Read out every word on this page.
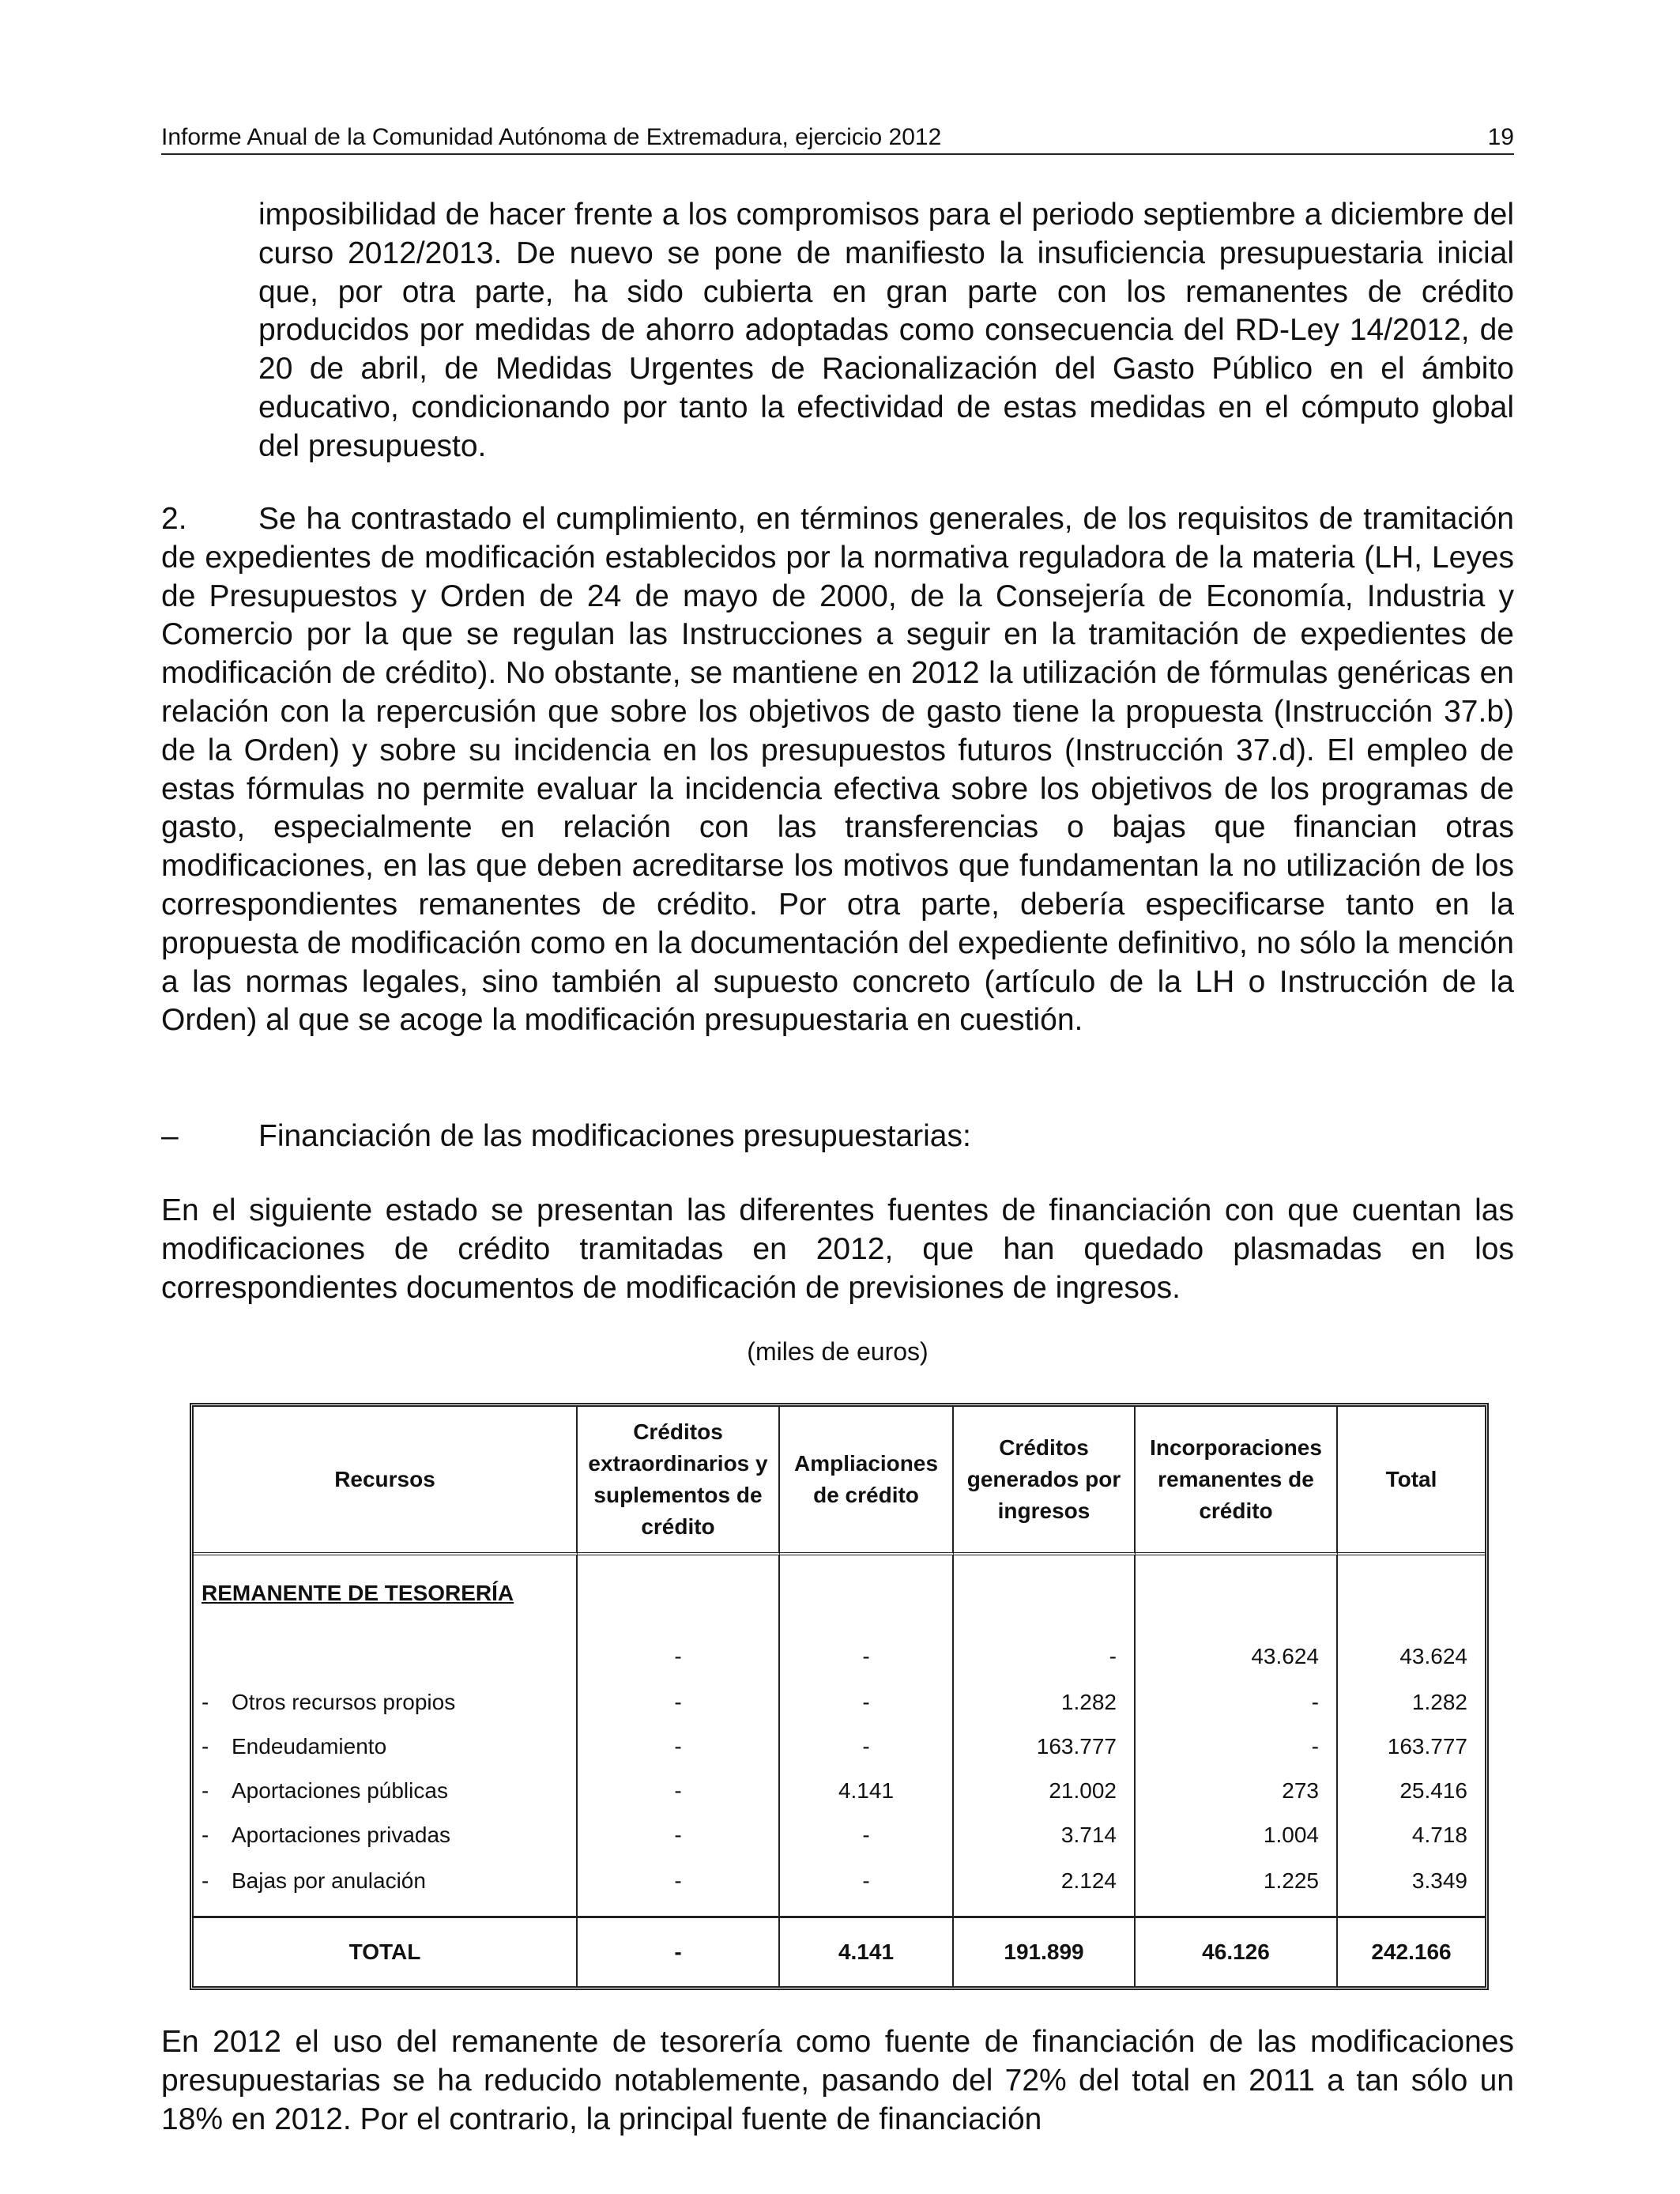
Informe Anual de la Comunidad Autónoma de Extremadura, ejercicio 2012	19

imposibilidad de hacer frente a los compromisos para el periodo septiembre a diciembre del curso 2012/2013. De nuevo se pone de manifiesto la insuficiencia presupuestaria inicial que, por otra parte, ha sido cubierta en gran parte con los remanentes de crédito producidos por medidas de ahorro adoptadas como consecuencia del RD-Ley 14/2012, de 20 de abril, de Medidas Urgentes de Racionalización del Gasto Público en el ámbito educativo, condicionando por tanto la efectividad de estas medidas en el cómputo global del presupuesto.

2. Se ha contrastado el cumplimiento, en términos generales, de los requisitos de tramitación de expedientes de modificación establecidos por la normativa reguladora de la materia (LH, Leyes de Presupuestos y Orden de 24 de mayo de 2000, de la Consejería de Economía, Industria y Comercio por la que se regulan las Instrucciones a seguir en la tramitación de expedientes de modificación de crédito). No obstante, se mantiene en 2012 la utilización de fórmulas genéricas en relación con la repercusión que sobre los objetivos de gasto tiene la propuesta (Instrucción 37.b) de la Orden) y sobre su incidencia en los presupuestos futuros (Instrucción 37.d). El empleo de estas fórmulas no permite evaluar la incidencia efectiva sobre los objetivos de los programas de gasto, especialmente en relación con las transferencias o bajas que financian otras modificaciones, en las que deben acreditarse los motivos que fundamentan la no utilización de los correspondientes remanentes de crédito. Por otra parte, debería especificarse tanto en la propuesta de modificación como en la documentación del expediente definitivo, no sólo la mención a las normas legales, sino también al supuesto concreto (artículo de la LH o Instrucción de la Orden) al que se acoge la modificación presupuestaria en cuestión.

–	Financiación de las modificaciones presupuestarias:

En el siguiente estado se presentan las diferentes fuentes de financiación con que cuentan las modificaciones de crédito tramitadas en 2012, que han quedado plasmadas en los correspondientes documentos de modificación de previsiones de ingresos.

(miles de euros)
Recursos	Créditos extraordinarios y suplementos de crédito	Ampliaciones de crédito	Créditos generados por ingresos	Incorporaciones remanentes de crédito	Total
REMANENTE DE TESORERÍA	-	-	-	43.624	43.624
- Otros recursos propios	-	-	1.282	-	1.282
- Endeudamiento	-	-	163.777	-	163.777
- Aportaciones públicas	-	4.141	21.002	273	25.416
- Aportaciones privadas	-	-	3.714	1.004	4.718
- Bajas por anulación	-	-	2.124	1.225	3.349
TOTAL	-	4.141	191.899	46.126	242.166

En 2012 el uso del remanente de tesorería como fuente de financiación de las modificaciones presupuestarias se ha reducido notablemente, pasando del 72% del total en 2011 a tan sólo un 18% en 2012. Por el contrario, la principal fuente de financiación
